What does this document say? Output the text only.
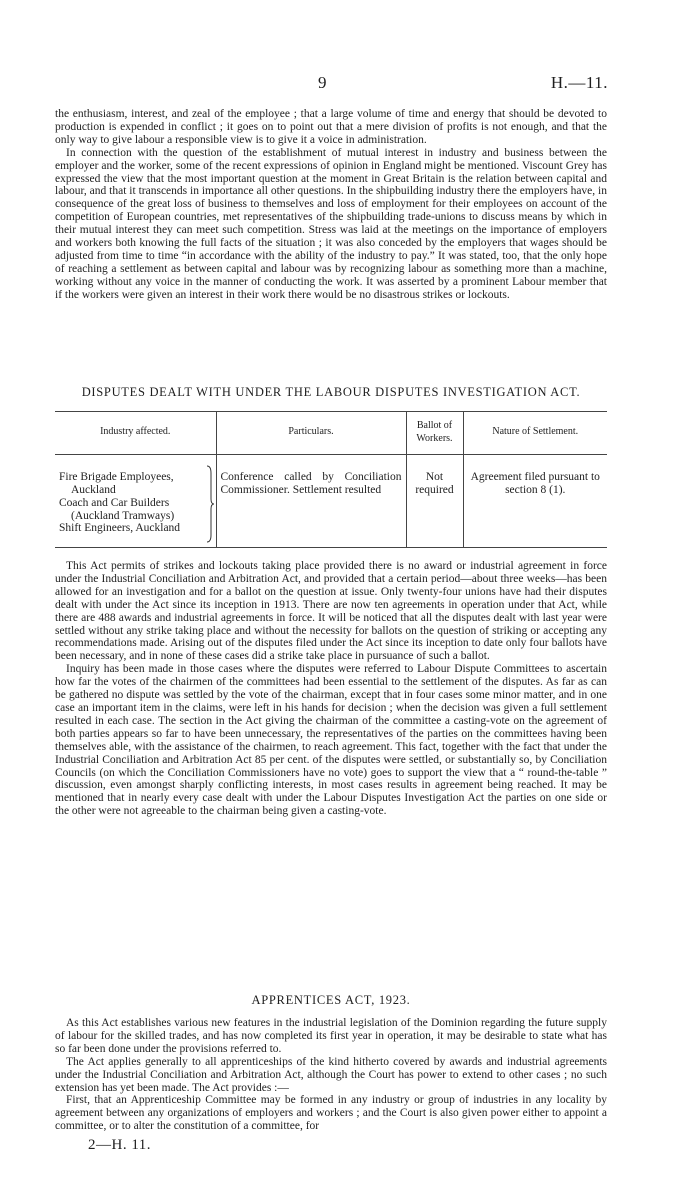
9	H.—11.

the enthusiasm, interest, and zeal of the employee ; that a large volume of time and energy that should be devoted to production is expended in conflict ; it goes on to point out that a mere division of profits is not enough, and that the only way to give labour a responsible view is to give it a voice in administration.

In connection with the question of the establishment of mutual interest in industry and business between the employer and the worker, some of the recent expressions of opinion in England might be mentioned. Viscount Grey has expressed the view that the most important question at the moment in Great Britain is the relation between capital and labour, and that it transcends in importance all other questions. In the shipbuilding industry there the employers have, in consequence of the great loss of business to themselves and loss of employment for their employees on account of the competition of European countries, met representatives of the shipbuilding trade-unions to discuss means by which in their mutual interest they can meet such competition. Stress was laid at the meetings on the importance of employers and workers both knowing the full facts of the situation ; it was also conceded by the employers that wages should be adjusted from time to time “in accordance with the ability of the industry to pay.” It was stated, too, that the only hope of reaching a settlement as between capital and labour was by recognizing labour as something more than a machine, working without any voice in the manner of conducting the work. It was asserted by a prominent Labour member that if the workers were given an interest in their work there would be no disastrous strikes or lockouts.

DISPUTES DEALT WITH UNDER THE LABOUR DISPUTES INVESTIGATION ACT.
Industry affected.	Particulars.	Ballot of Workers.	Nature of Settlement.

Fire Brigade Employees,
Auckland
Coach and Car Builders
(Auckland Tramways)
Shift Engineers, Auckland	Conference called by Conciliation Commissioner. Settlement resulted	Not required	Agreement filed pursuant to section 8 (1).

This Act permits of strikes and lockouts taking place provided there is no award or industrial agreement in force under the Industrial Conciliation and Arbitration Act, and provided that a certain period—about three weeks—has been allowed for an investigation and for a ballot on the question at issue. Only twenty-four unions have had their disputes dealt with under the Act since its inception in 1913. There are now ten agreements in operation under that Act, while there are 488 awards and industrial agreements in force. It will be noticed that all the disputes dealt with last year were settled without any strike taking place and without the necessity for ballots on the question of striking or accepting any recommendations made. Arising out of the disputes filed under the Act since its inception to date only four ballots have been necessary, and in none of these cases did a strike take place in pursuance of such a ballot.

Inquiry has been made in those cases where the disputes were referred to Labour Dispute Committees to ascertain how far the votes of the chairmen of the committees had been essential to the settlement of the disputes. As far as can be gathered no dispute was settled by the vote of the chairman, except that in four cases some minor matter, and in one case an important item in the claims, were left in his hands for decision ; when the decision was given a full settlement resulted in each case. The section in the Act giving the chairman of the committee a casting-vote on the agreement of both parties appears so far to have been unnecessary, the representatives of the parties on the committees having been themselves able, with the assistance of the chairmen, to reach agreement. This fact, together with the fact that under the Industrial Conciliation and Arbitration Act 85 per cent. of the disputes were settled, or substantially so, by Conciliation Councils (on which the Conciliation Commissioners have no vote) goes to support the view that a “ round-the-table ” discussion, even amongst sharply conflicting interests, in most cases results in agreement being reached. It may be mentioned that in nearly every case dealt with under the Labour Disputes Investigation Act the parties on one side or the other were not agreeable to the chairman being given a casting-vote.

APPRENTICES ACT, 1923.

As this Act establishes various new features in the industrial legislation of the Dominion regarding the future supply of labour for the skilled trades, and has now completed its first year in operation, it may be desirable to state what has so far been done under the provisions referred to.

The Act applies generally to all apprenticeships of the kind hitherto covered by awards and industrial agreements under the Industrial Conciliation and Arbitration Act, although the Court has power to extend to other cases ; no such extension has yet been made. The Act provides :—

First, that an Apprenticeship Committee may be formed in any industry or group of industries in any locality by agreement between any organizations of employers and workers ; and the Court is also given power either to appoint a committee, or to alter the constitution of a committee, for

2—H. 11.
